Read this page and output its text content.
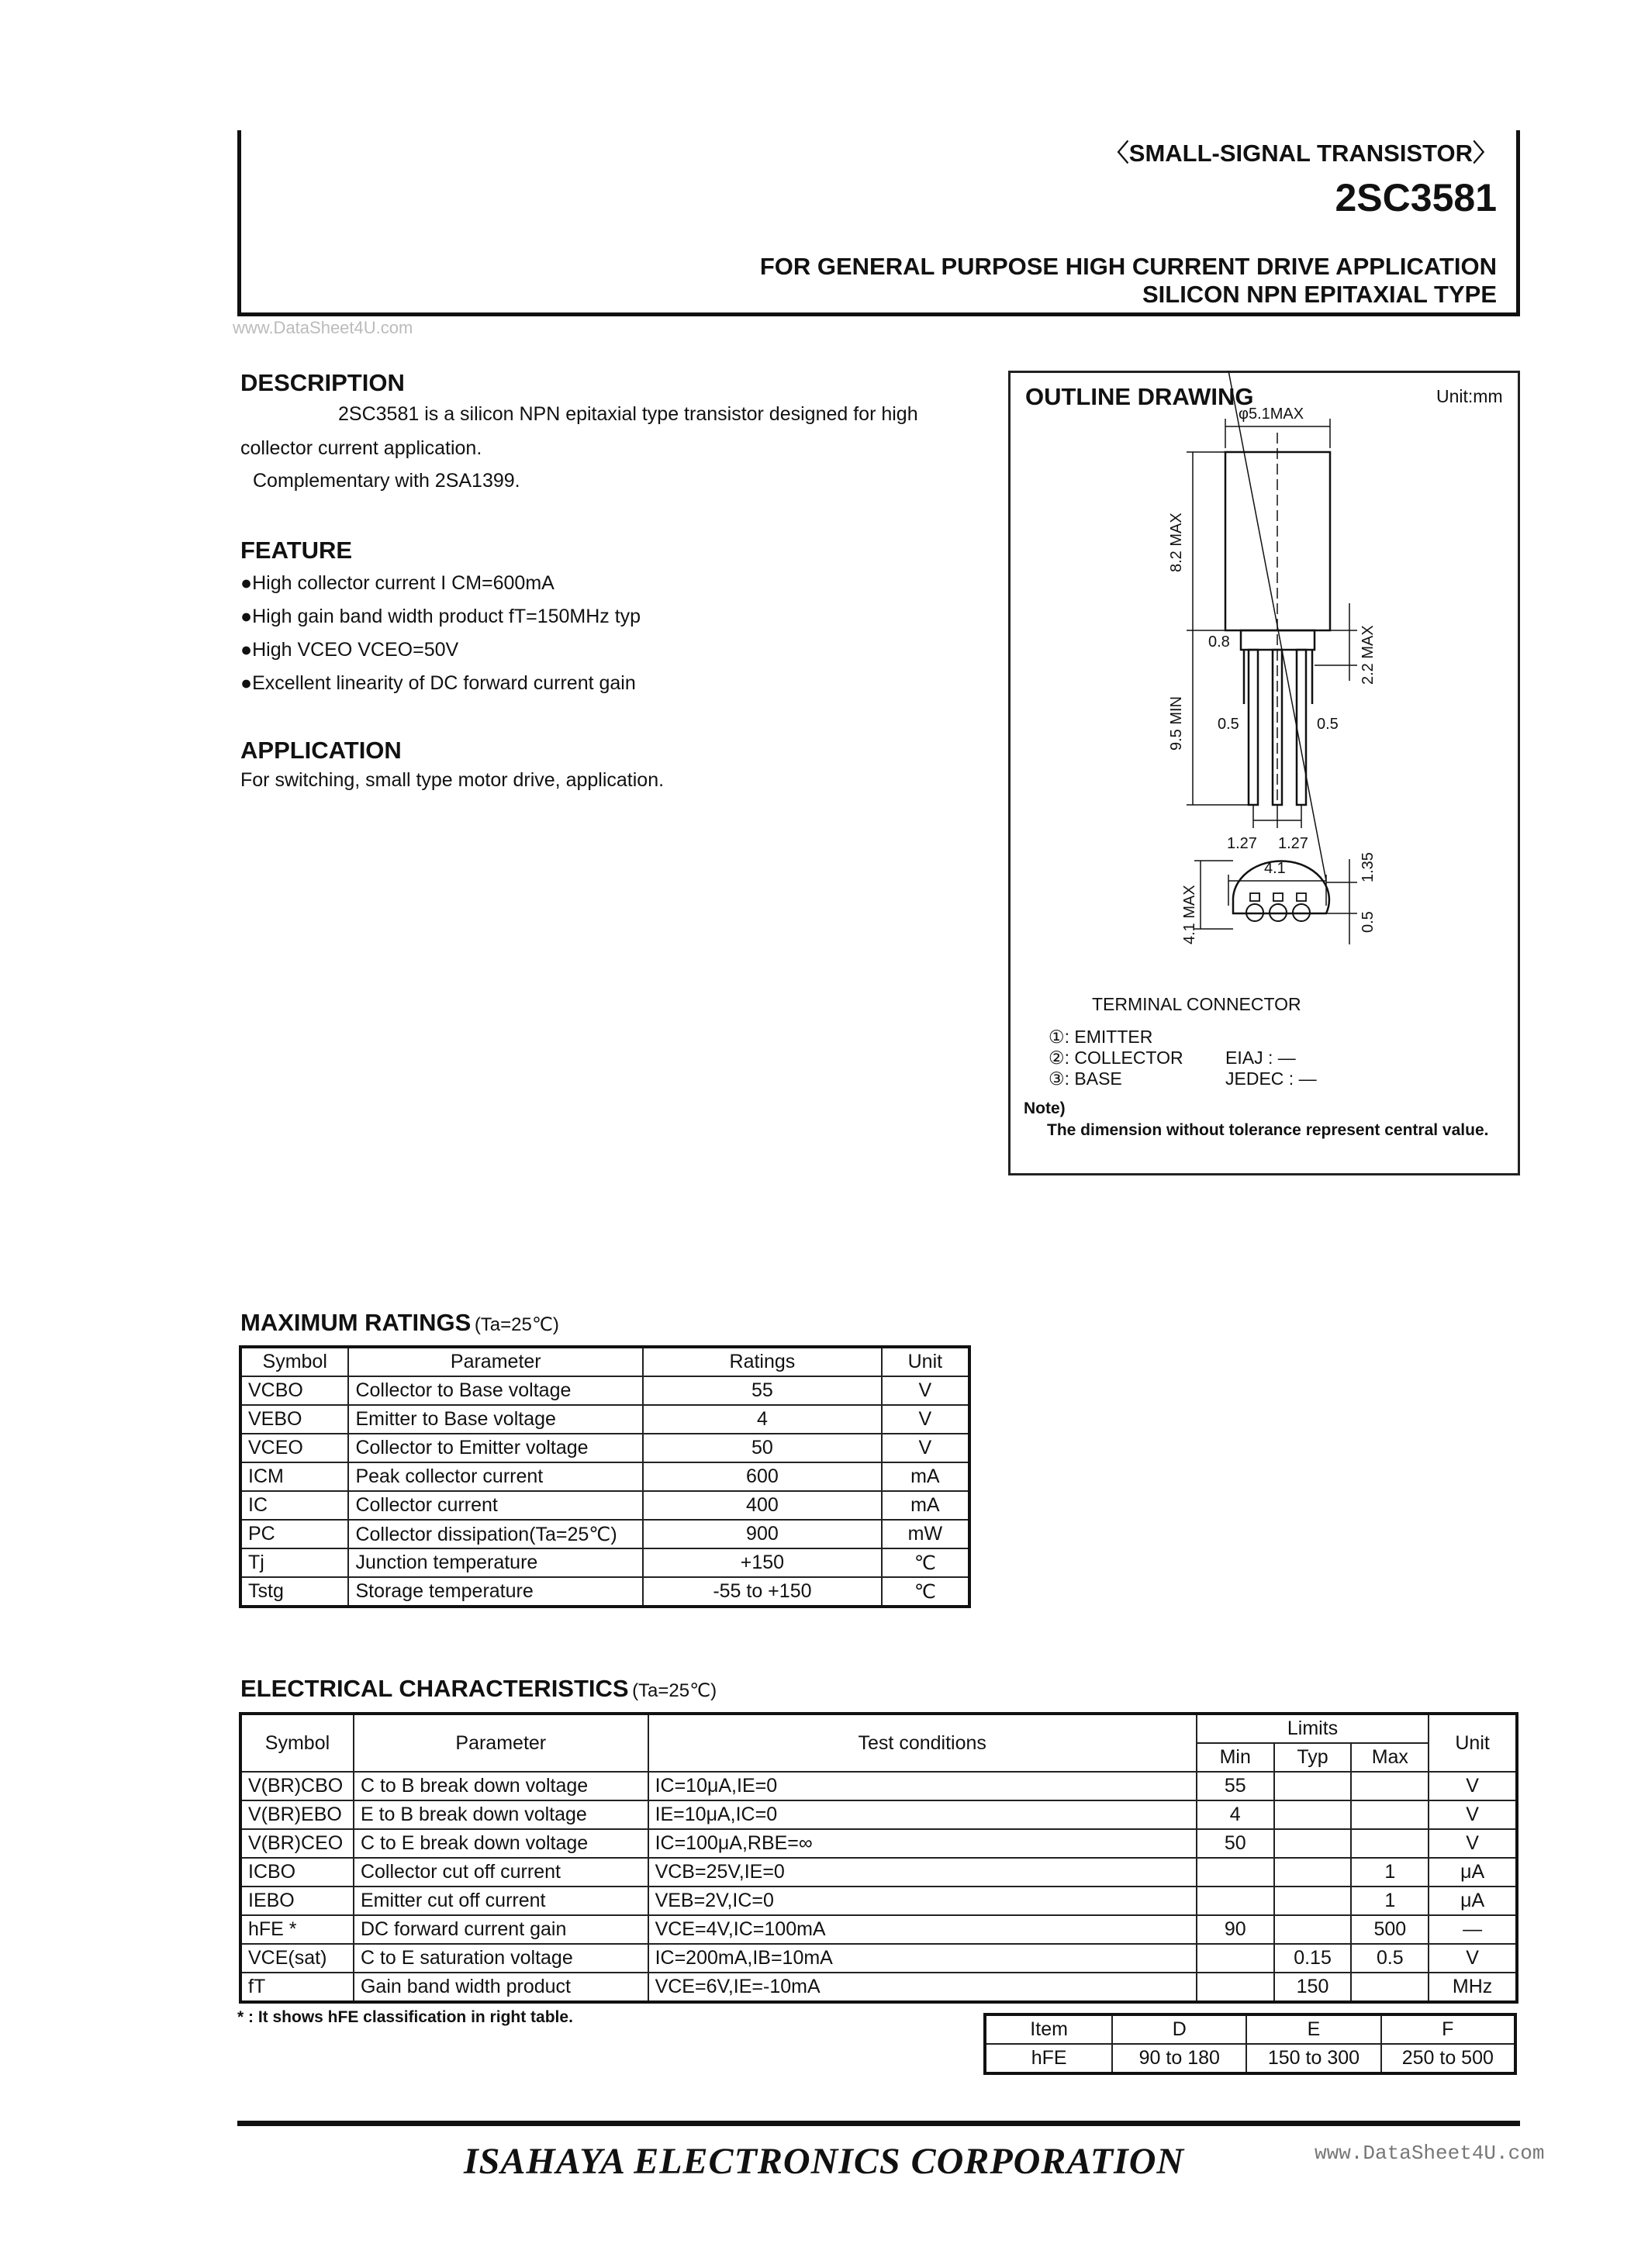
〈SMALL-SIGNAL TRANSISTOR〉
2SC3581
FOR GENERAL PURPOSE HIGH CURRENT DRIVE APPLICATION
SILICON NPN EPITAXIAL TYPE
www.DataSheet4U.com
DESCRIPTION
2SC3581 is a silicon NPN epitaxial type transistor designed for high
collector current application.
Complementary with 2SA1399.
FEATURE
●High collector current I CM=600mA
●High gain band width product fT=150MHz typ
●High VCEO VCEO=50V
●Excellent linearity of DC forward current gain
APPLICATION
For switching, small type motor drive, application.
OUTLINE DRAWING	Unit:mm
φ5.1MAX
8.2 MAX
0.8	2.2 MAX
9.5 MIN 0.5	0.5
1.27 1.27
4.1
4.1 MAX
1.35
0.5
TERMINAL CONNECTOR
①: EMITTER
②: COLLECTOR
③: BASE
EIAJ : —
JEDEC : —
Note)
The dimension without tolerance represent central value.
MAXIMUM RATINGS (Ta=25℃)
Symbol	Parameter	Ratings	Unit
VCBO	Collector to Base voltage	55	V
VEBO	Emitter to Base voltage	4	V
VCEO	Collector to Emitter voltage	50	V
ICM	Peak collector current	600	mA
IC	Collector current	400	mA
PC	Collector dissipation(Ta=25℃)	900	mW
Tj	Junction temperature	+150	℃
Tstg	Storage temperature	-55 to +150	℃
ELECTRICAL CHARACTERISTICS (Ta=25℃)
Symbol	Parameter	Test conditions	Limits			Unit
			Min	Typ	Max	
V(BR)CBO	C to B break down voltage	IC=10μA,IE=0	55			V
V(BR)EBO	E to B break down voltage	IE=10μA,IC=0	4			V
V(BR)CEO	C to E break down voltage	IC=100μA,RBE=∞	50			V
ICBO	Collector cut off current	VCB=25V,IE=0			1	μA
IEBO	Emitter cut off current	VEB=2V,IC=0			1	μA
hFE *	DC forward current gain	VCE=4V,IC=100mA	90		500	—
VCE(sat)	C to E saturation voltage	IC=200mA,IB=10mA		0.15	0.5	V
fT	Gain band width product	VCE=6V,IE=-10mA		150		MHz
* : It shows hFE classification in right table.
Item	D	E	F
hFE	90 to 180	150 to 300	250 to 500
ISAHAYA ELECTRONICS CORPORATION	www.DataSheet4U.com
